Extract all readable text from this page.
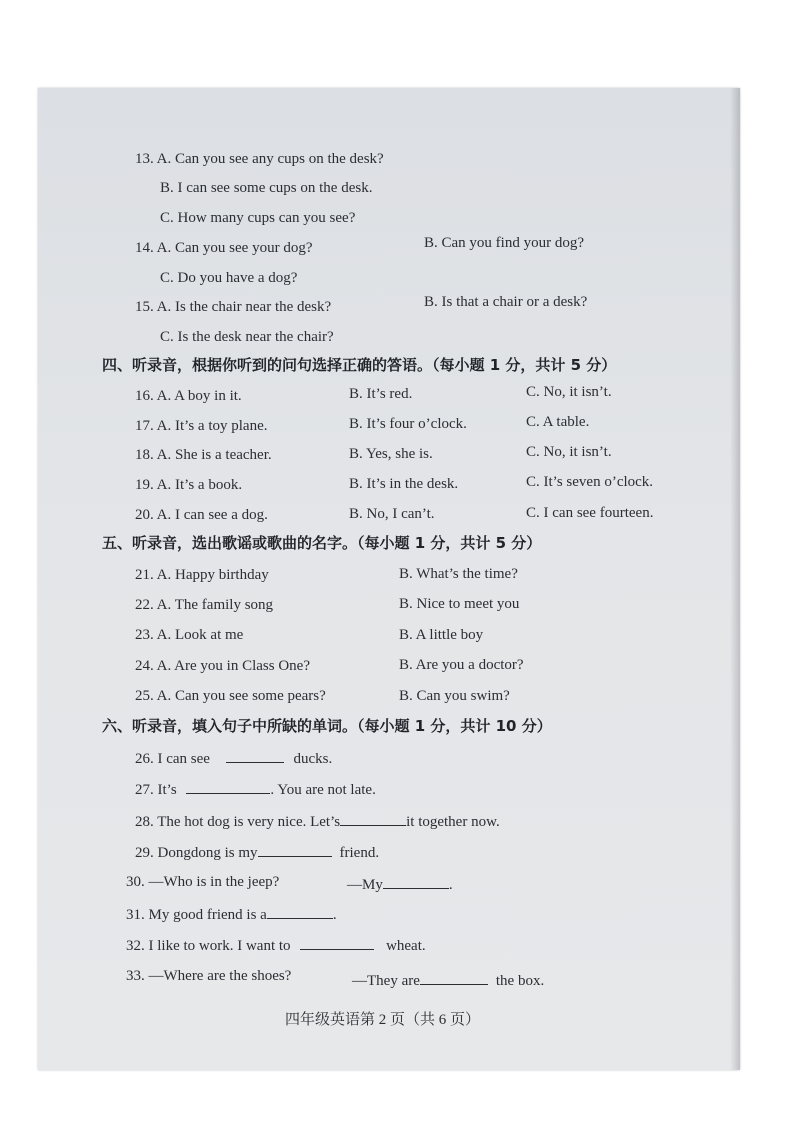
13. A. Can you see any cups on the desk?
B. I can see some cups on the desk.
C. How many cups can you see?
14. A. Can you see your dog?	B. Can you find your dog?
C. Do you have a dog?
15. A. Is the chair near the desk?	B. Is that a chair or a desk?
C. Is the desk near the chair?
四、听录音，根据你听到的问句选择正确的答语。（每小题 1 分，共计 5 分）
16. A. A boy in it.	B. It’s red.	C. No, it isn’t.
17. A. It’s a toy plane.	B. It’s four o’clock.	C. A table.
18. A. She is a teacher.	B. Yes, she is.	C. No, it isn’t.
19. A. It’s a book.	B. It’s in the desk.	C. It’s seven o’clock.
20. A. I can see a dog.	B. No, I can’t.	C. I can see fourteen.
五、听录音，选出歌谣或歌曲的名字。（每小题 1 分，共计 5 分）
21. A. Happy birthday	B. What’s the time?
22. A. The family song	B. Nice to meet you
23. A. Look at me	B. A little boy
24. A. Are you in Class One?	B. Are you a doctor?
25. A. Can you see some pears?	B. Can you swim?
六、听录音，填入句子中所缺的单词。（每小题 1 分，共计 10 分）
26. I can see	ducks.
27. It’s	. You are not late.
28. The hot dog is very nice. Let’s	it together now.
29. Dongdong is my	friend.
30. —Who is in the jeep?	—My	.
31. My good friend is a	.
32. I like to work. I want to	wheat.
33. —Where are the shoes?	—They are	the box.
四年级英语第 2 页（共 6 页）
